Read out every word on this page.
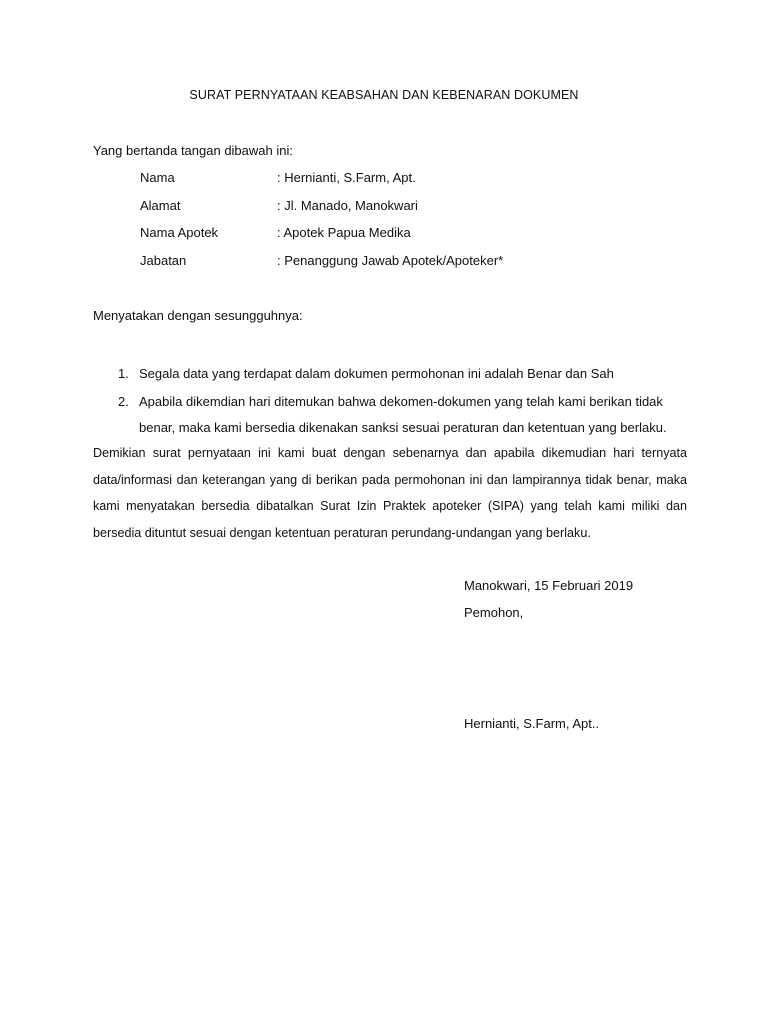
SURAT PERNYATAAN KEABSAHAN DAN KEBENARAN DOKUMEN
Yang bertanda tangan dibawah ini:
Nama	: Hernianti, S.Farm, Apt.
Alamat	: Jl. Manado, Manokwari
Nama Apotek	: Apotek Papua Medika
Jabatan	: Penanggung Jawab Apotek/Apoteker*
Menyatakan dengan sesungguhnya:
1. Segala data yang terdapat dalam dokumen permohonan ini adalah Benar dan Sah
2. Apabila dikemdian hari ditemukan bahwa dekomen-dokumen yang telah kami berikan tidak benar, maka kami bersedia dikenakan sanksi sesuai peraturan dan ketentuan yang berlaku.
Demikian surat pernyataan ini kami buat dengan sebenarnya dan apabila dikemudian hari ternyata data/informasi dan keterangan yang di berikan pada permohonan ini dan lampirannya tidak benar, maka kami menyatakan bersedia dibatalkan Surat Izin Praktek apoteker (SIPA) yang telah kami miliki dan bersedia dituntut sesuai dengan ketentuan peraturan perundang-undangan yang berlaku.
Manokwari, 15 Februari 2019
Pemohon,
Hernianti, S.Farm, Apt..
